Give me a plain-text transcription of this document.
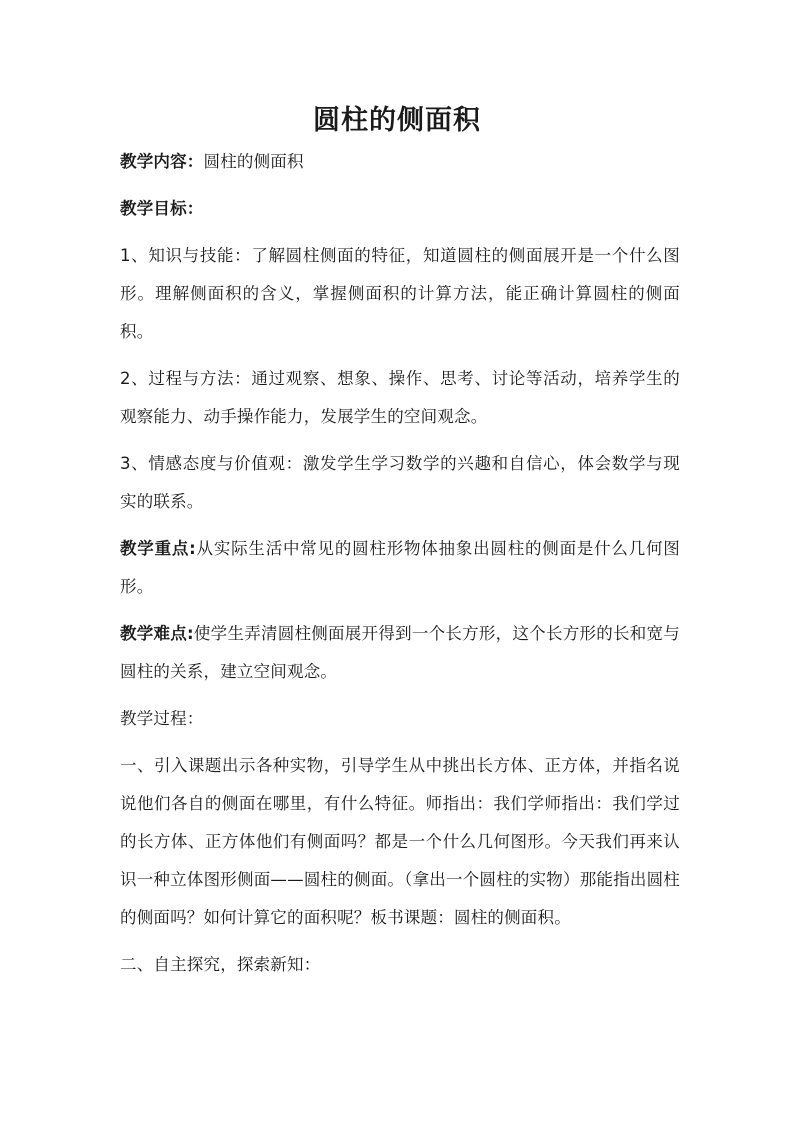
圆柱的侧面积

教学内容：圆柱的侧面积

教学目标：

1、知识与技能：了解圆柱侧面的特征，知道圆柱的侧面展开是一个什么图形。理解侧面积的含义，掌握侧面积的计算方法，能正确计算圆柱的侧面积。

2、过程与方法：通过观察、想象、操作、思考、讨论等活动，培养学生的观察能力、动手操作能力，发展学生的空间观念。

3、情感态度与价值观：激发学生学习数学的兴趣和自信心，体会数学与现实的联系。

教学重点:从实际生活中常见的圆柱形物体抽象出圆柱的侧面是什么几何图形。

教学难点:使学生弄清圆柱侧面展开得到一个长方形，这个长方形的长和宽与圆柱的关系，建立空间观念。

教学过程：

一、引入课题出示各种实物，引导学生从中挑出长方体、正方体，并指名说说他们各自的侧面在哪里，有什么特征。师指出：我们学师指出：我们学过的长方体、正方体他们有侧面吗？都是一个什么几何图形。今天我们再来认识一种立体图形侧面——圆柱的侧面。（拿出一个圆柱的实物）那能指出圆柱的侧面吗？如何计算它的面积呢？板书课题：圆柱的侧面积。

二、自主探究，探索新知：
